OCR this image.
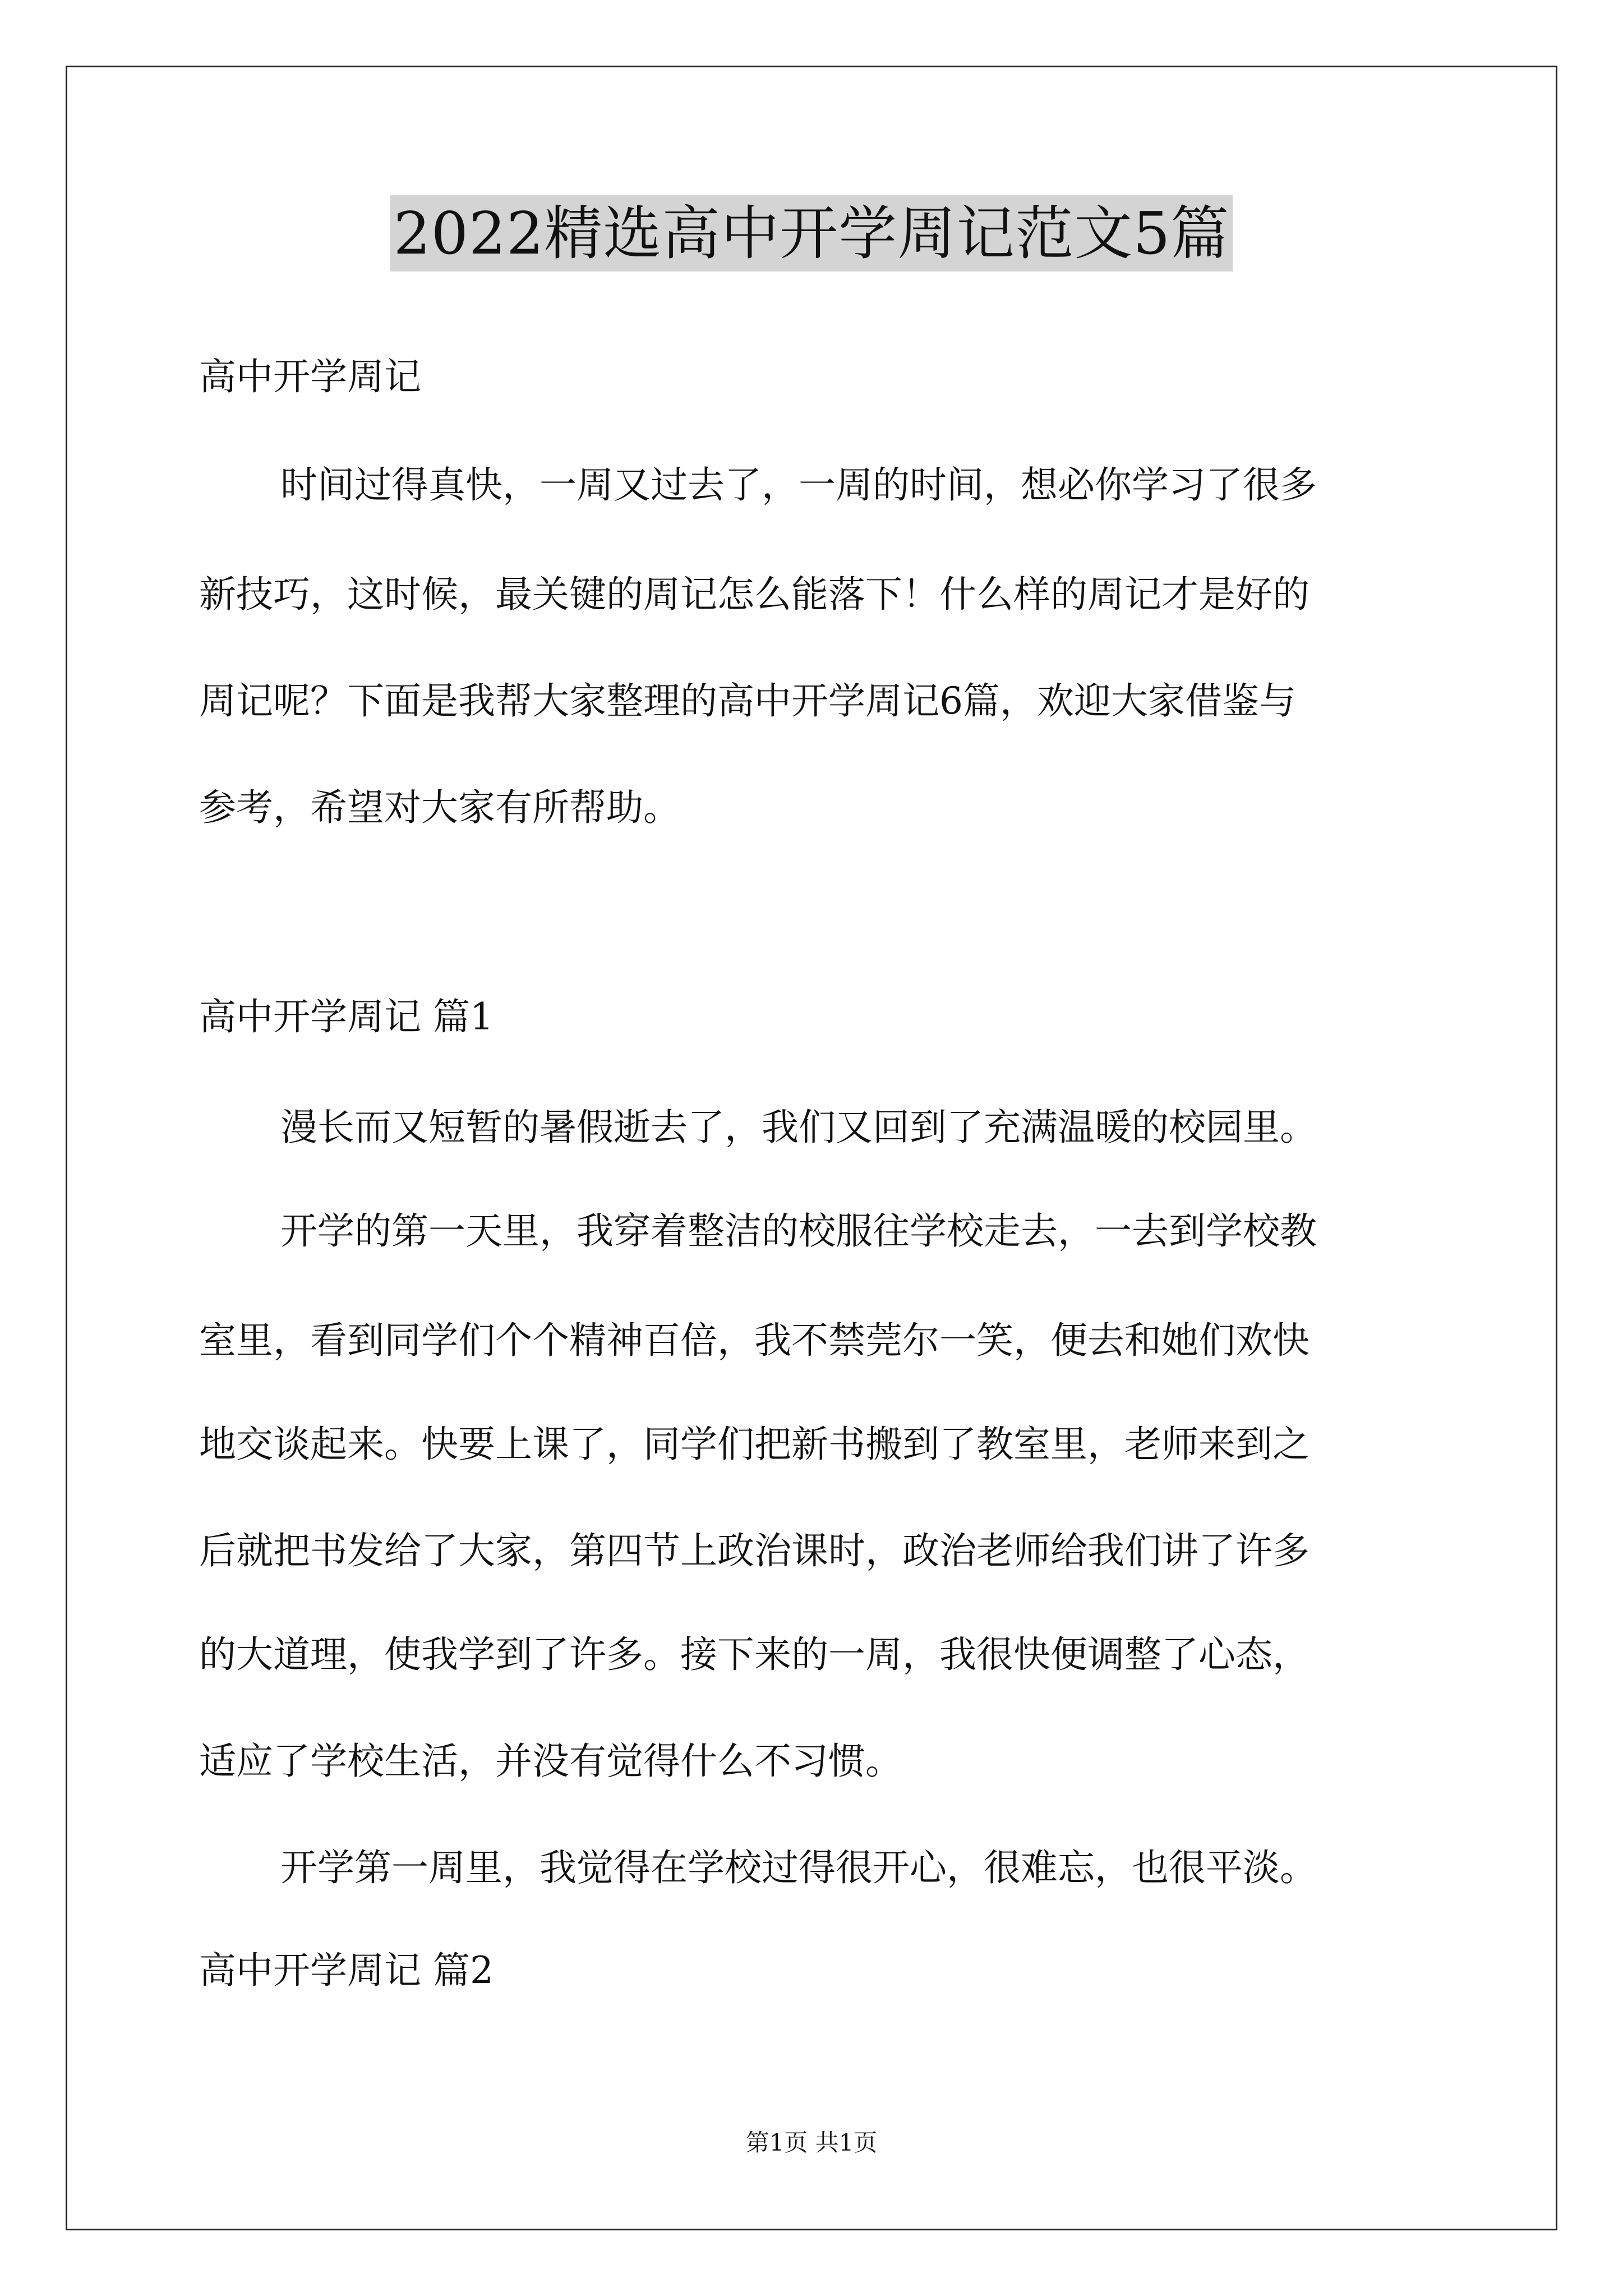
2022精选高中开学周记范文5篇
高中开学周记
时间过得真快，一周又过去了，一周的时间，想必你学习了很多
新技巧，这时候，最关键的周记怎么能落下！什么样的周记才是好的
周记呢？下面是我帮大家整理的高中开学周记6篇，欢迎大家借鉴与
参考，希望对大家有所帮助。
高中开学周记 篇1
漫长而又短暂的暑假逝去了，我们又回到了充满温暖的校园里。
开学的第一天里，我穿着整洁的校服往学校走去，一去到学校教
室里，看到同学们个个精神百倍，我不禁莞尔一笑，便去和她们欢快
地交谈起来。快要上课了，同学们把新书搬到了教室里，老师来到之
后就把书发给了大家，第四节上政治课时，政治老师给我们讲了许多
的大道理，使我学到了许多。接下来的一周，我很快便调整了心态，
适应了学校生活，并没有觉得什么不习惯。
开学第一周里，我觉得在学校过得很开心，很难忘，也很平淡。
高中开学周记 篇2
第1页 共1页
